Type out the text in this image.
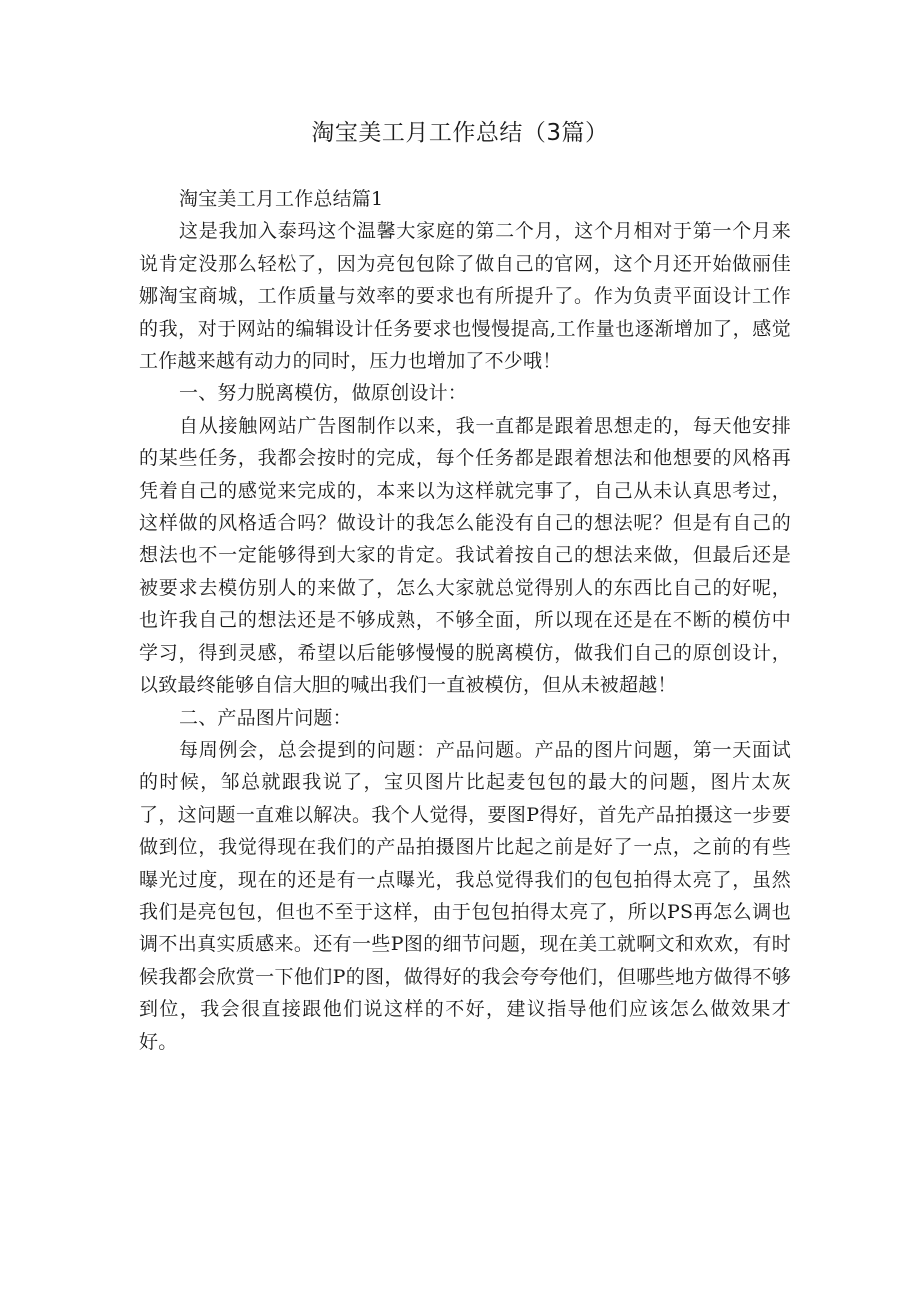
淘宝美工月工作总结（3篇）

淘宝美工月工作总结篇1

这是我加入泰玛这个温馨大家庭的第二个月，这个月相对于第一个月来说肯定没那么轻松了，因为亮包包除了做自己的官网，这个月还开始做丽佳娜淘宝商城，工作质量与效率的要求也有所提升了。作为负责平面设计工作的我，对于网站的编辑设计任务要求也慢慢提高,工作量也逐渐增加了，感觉工作越来越有动力的同时，压力也增加了不少哦！

一、努力脱离模仿，做原创设计：

自从接触网站广告图制作以来，我一直都是跟着思想走的，每天他安排的某些任务，我都会按时的完成，每个任务都是跟着想法和他想要的风格再凭着自己的感觉来完成的，本来以为这样就完事了，自己从未认真思考过，这样做的风格适合吗？做设计的我怎么能没有自己的想法呢？但是有自己的想法也不一定能够得到大家的肯定。我试着按自己的想法来做，但最后还是被要求去模仿别人的来做了，怎么大家就总觉得别人的东西比自己的好呢，也许我自己的想法还是不够成熟，不够全面，所以现在还是在不断的模仿中学习，得到灵感，希望以后能够慢慢的脱离模仿，做我们自己的原创设计，以致最终能够自信大胆的喊出我们一直被模仿，但从未被超越！

二、产品图片问题：

每周例会，总会提到的问题：产品问题。产品的图片问题，第一天面试的时候，邹总就跟我说了，宝贝图片比起麦包包的最大的问题，图片太灰了，这问题一直难以解决。我个人觉得，要图P得好，首先产品拍摄这一步要做到位，我觉得现在我们的产品拍摄图片比起之前是好了一点，之前的有些曝光过度，现在的还是有一点曝光，我总觉得我们的包包拍得太亮了，虽然我们是亮包包，但也不至于这样，由于包包拍得太亮了，所以PS再怎么调也调不出真实质感来。还有一些P图的细节问题，现在美工就啊文和欢欢，有时候我都会欣赏一下他们P的图，做得好的我会夸夸他们，但哪些地方做得不够到位，我会很直接跟他们说这样的不好，建议指导他们应该怎么做效果才好。
